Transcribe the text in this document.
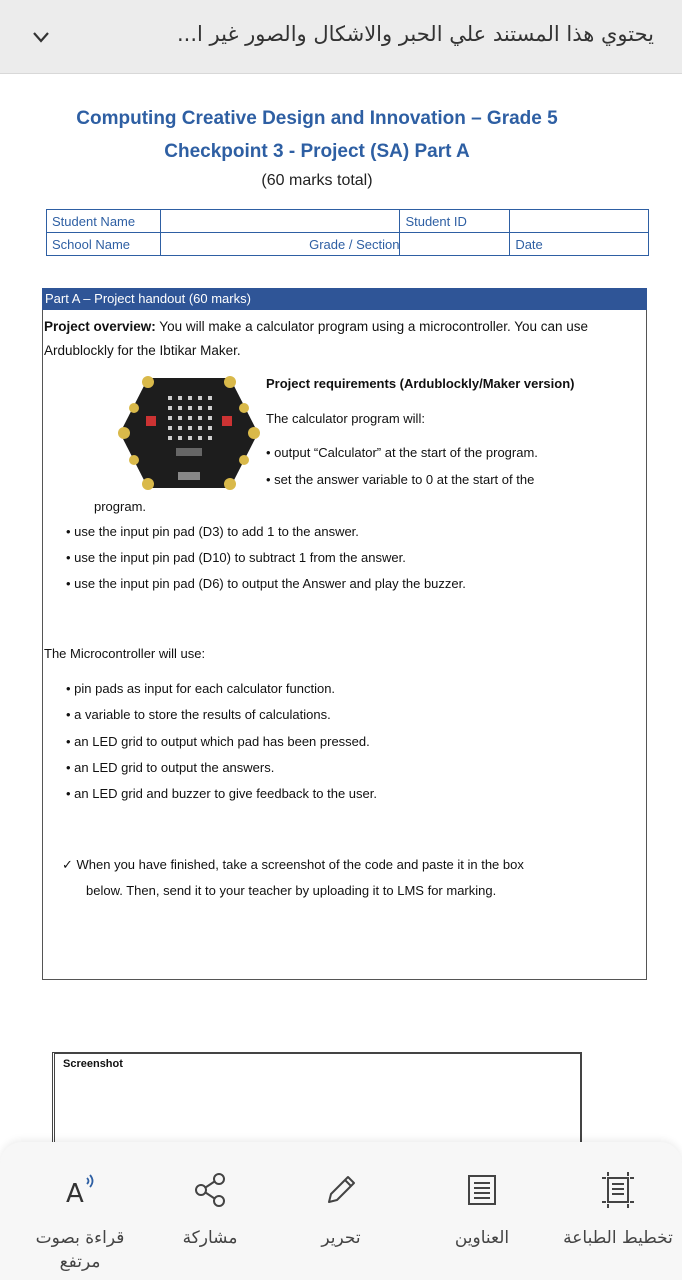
يحتوي هذا المستند علي الحبر والاشكال والصور غير ا...
Computing Creative Design and Innovation – Grade 5
Checkpoint 3 - Project (SA) Part A
(60 marks total)
Student Name		Student ID	
School Name	Grade / Section		Date
Part A – Project handout (60 marks)
Project overview: You will make a calculator program using a microcontroller. You can use Ardublockly for the Ibtikar Maker.
Project requirements (Ardublockly/Maker version)
The calculator program will:
• output “Calculator” at the start of the program.
• set the answer variable to 0 at the start of the
program.
• use the input pin pad (D3) to add 1 to the answer.
• use the input pin pad (D10) to subtract 1 from the answer.
• use the input pin pad (D6) to output the Answer and play the buzzer.
The Microcontroller will use:
• pin pads as input for each calculator function.
• a variable to store the results of calculations.
• an LED grid to output which pad has been pressed.
• an LED grid to output the answers.
• an LED grid and buzzer to give feedback to the user.
✓ When you have finished, take a screenshot of the code and paste it in the box
below. Then, send it to your teacher by uploading it to LMS for marking.
Screenshot
تخطيط الطباعة
العناوين
تحرير
مشاركة
A
قراءة بصوت مرتفع
